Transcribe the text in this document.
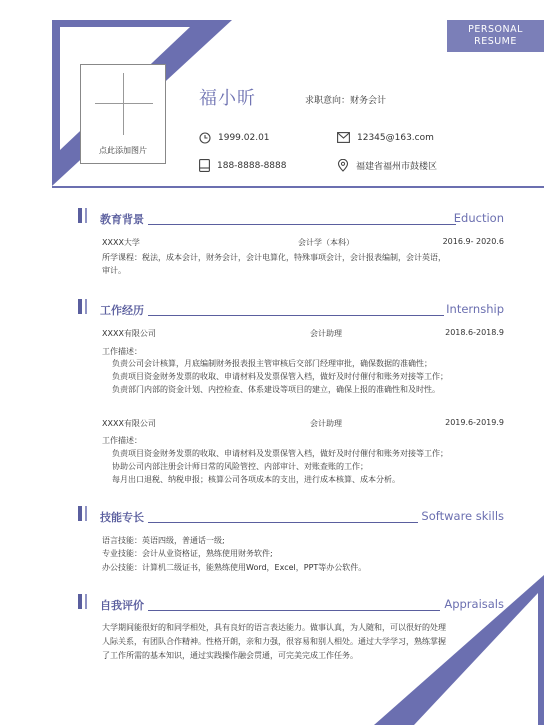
PERSONAL
RESUME
点此添加图片
福小昕	求职意向：财务会计
1999.02.01	12345@163.com
188-8888-8888	福建省福州市鼓楼区
教育背景	Eduction
XXXX大学	会计学（本科）	2016.9- 2020.6
所学课程：税法，成本会计，财务会计，会计电算化，特殊事项会计，会计报表编制，会计英语，
审计。
工作经历	Internship
XXXX有限公司	会计助理	2018.6-2018.9
工作描述：
负责公司会计核算，月底编制财务报表报主管审核后交部门经理审批，确保数据的准确性；
负责项目资金财务发票的收取、申请材料及发票保管入档，做好及时付催付和账务对接等工作；
负责部门内部的资金计划、内控检查、体系建设等项目的建立，确保上报的准确性和及时性。
XXXX有限公司	会计助理	2019.6-2019.9
工作描述：
负责项目资金财务发票的收取、申请材料及发票保管入档，做好及时付催付和账务对接等工作；
协助公司内部注册会计师日常的风险管控、内部审计、对账查账的工作；
每月出口退税、纳税申报；核算公司各项成本的支出，进行成本核算、成本分析。
技能专长	Software skills
语言技能：英语四级，普通话一级;
专业技能：会计从业资格证，熟练使用财务软件;
办公技能：计算机二级证书，能熟练使用Word，Excel，PPT等办公软件。
自我评价	Appraisals
大学期间能很好的和同学相处，具有良好的语言表达能力。做事认真，为人随和，可以很好的处理
人际关系，有团队合作精神。性格开朗，亲和力强，很容易和别人相处。通过大学学习，熟练掌握
了工作所需的基本知识，通过实践操作融会贯通，可完美完成工作任务。
